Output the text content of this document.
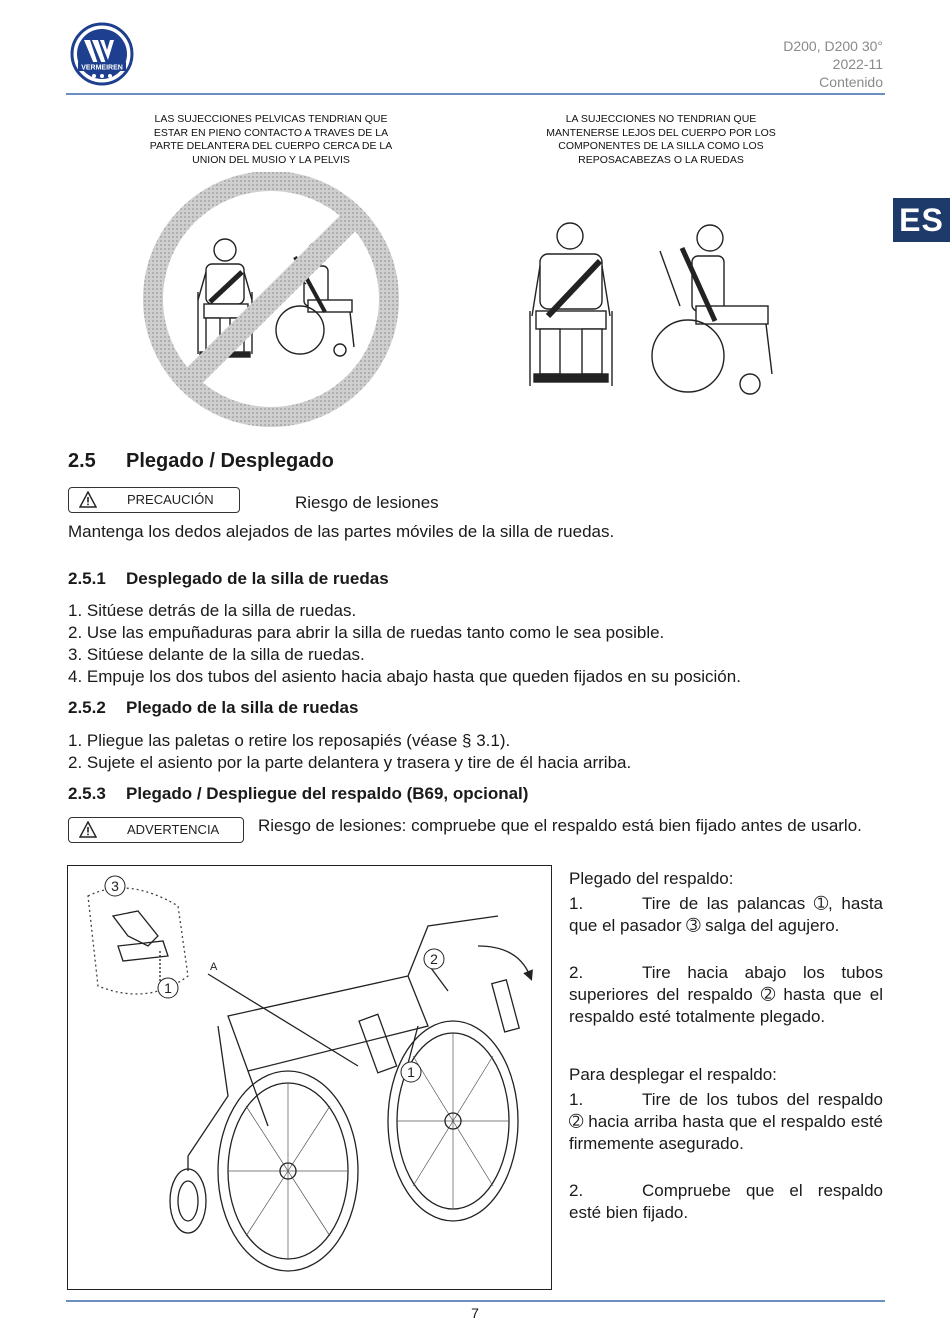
VERMEIREN
D200, D200 30°
2022-11
Contenido
ES
LAS SUJECCIONES PELVICAS TENDRIAN QUE ESTAR EN PIENO CONTACTO A TRAVES DE LA PARTE DELANTERA DEL CUERPO CERCA DE LA UNION DEL MUSIO Y LA PELVIS
LA SUJECCIONES NO TENDRIAN QUE MANTENERSE LEJOS DEL CUERPO POR LOS COMPONENTES DE LA SILLA COMO LOS REPOSACABEZAS O LA RUEDAS
2.5 Plegado / Desplegado
PRECAUCIÓN	Riesgo de lesiones
Mantenga los dedos alejados de las partes móviles de la silla de ruedas.
2.5.1 Desplegado de la silla de ruedas
1. Sitúese detrás de la silla de ruedas.
2. Use las empuñaduras para abrir la silla de ruedas tanto como le sea posible.
3. Sitúese delante de la silla de ruedas.
4. Empuje los dos tubos del asiento hacia abajo hasta que queden fijados en su posición.
2.5.2 Plegado de la silla de ruedas
1. Pliegue las paletas o retire los reposapiés (véase § 3.1).
2. Sujete el asiento por la parte delantera y trasera y tire de él hacia arriba.
2.5.3 Plegado / Despliegue del respaldo (B69, opcional)
ADVERTENCIA Riesgo de lesiones: compruebe que el respaldo está bien fijado antes de usarlo.
3
1
A	2
1
Plegado del respaldo:
1.	Tire de las palancas ➀, hasta que el pasador ➂ salga del agujero.
2.	Tire hacia abajo los tubos superiores del respaldo ➁ hasta que el respaldo esté totalmente plegado.
Para desplegar el respaldo:
1.	Tire de los tubos del respaldo ➁ hacia arriba hasta que el respaldo esté firmemente asegurado.
2.	Compruebe que el respaldo esté bien fijado.
7
